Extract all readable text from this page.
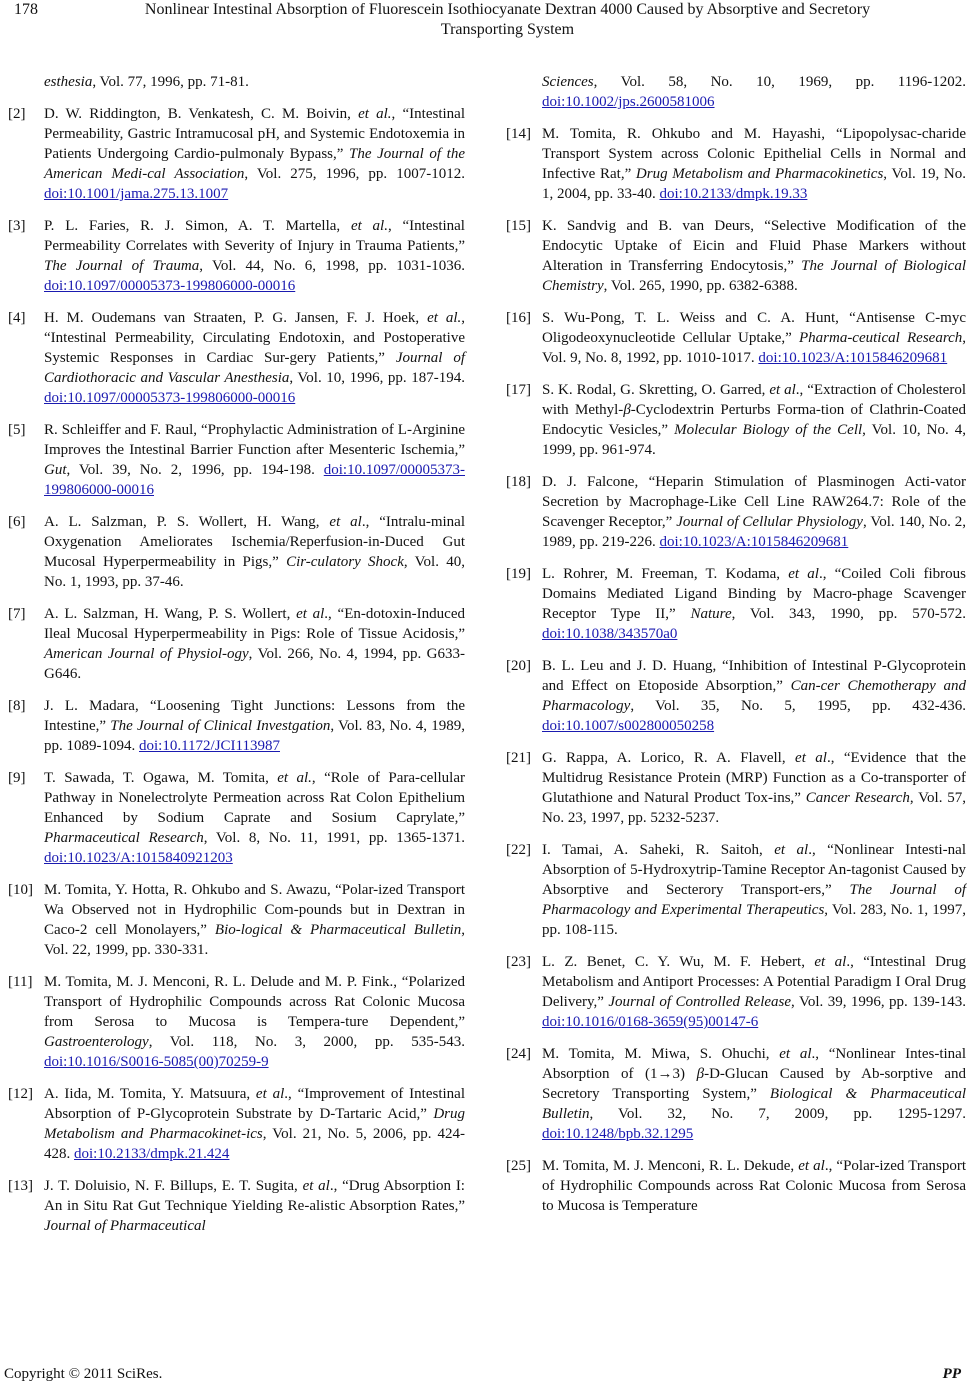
178	Nonlinear Intestinal Absorption of Fluorescein Isothiocyanate Dextran 4000 Caused by Absorptive and Secretory
Transporting System
esthesia, Vol. 77, 1996, pp. 71-81.
[2] D. W. Riddington, B. Venkatesh, C. M. Boivin, et al., “Intestinal Permeability, Gastric Intramucosal pH, and Systemic Endotoxemia in Patients Undergoing Cardio-pulmonaly Bypass,” The Journal of the American Medi-cal Association, Vol. 275, 1996, pp. 1007-1012. doi:10.1001/jama.275.13.1007
[3] P. L. Faries, R. J. Simon, A. T. Martella, et al., “Intestinal Permeability Correlates with Severity of Injury in Trauma Patients,” The Journal of Trauma, Vol. 44, No. 6, 1998, pp. 1031-1036. doi:10.1097/00005373-199806000-00016
[4] H. M. Oudemans van Straaten, P. G. Jansen, F. J. Hoek, et al., “Intestinal Permeability, Circulating Endotoxin, and Postoperative Systemic Responses in Cardiac Sur-gery Patients,” Journal of Cardiothoracic and Vascular Anesthesia, Vol. 10, 1996, pp. 187-194. doi:10.1097/00005373-199806000-00016
[5] R. Schleiffer and F. Raul, “Prophylactic Administration of L-Arginine Improves the Intestinal Barrier Function after Mesenteric Ischemia,” Gut, Vol. 39, No. 2, 1996, pp. 194-198. doi:10.1097/00005373-199806000-00016
[6] A. L. Salzman, P. S. Wollert, H. Wang, et al., “Intralu-minal Oxygenation Ameliorates Ischemia/Reperfusion-in-Duced Gut Mucosal Hyperpermeability in Pigs,” Cir-culatory Shock, Vol. 40, No. 1, 1993, pp. 37-46.
[7] A. L. Salzman, H. Wang, P. S. Wollert, et al., “En-dotoxin-Induced Ileal Mucosal Hyperpermeability in Pigs: Role of Tissue Acidosis,” American Journal of Physiol-ogy, Vol. 266, No. 4, 1994, pp. G633-G646.
[8] J. L. Madara, “Loosening Tight Junctions: Lessons from the Intestine,” The Journal of Clinical Investgation, Vol. 83, No. 4, 1989, pp. 1089-1094. doi:10.1172/JCI113987
[9] T. Sawada, T. Ogawa, M. Tomita, et al., “Role of Para-cellular Pathway in Nonelectrolyte Permeation across Rat Colon Epithelium Enhanced by Sodium Caprate and Sosium Caprylate,” Pharmaceutical Research, Vol. 8, No. 11, 1991, pp. 1365-1371. doi:10.1023/A:1015840921203
[10] M. Tomita, Y. Hotta, R. Ohkubo and S. Awazu, “Polar-ized Transport Wa Observed not in Hydrophilic Com-pounds but in Dextran in Caco-2 cell Monolayers,” Bio-logical & Pharmaceutical Bulletin, Vol. 22, 1999, pp. 330-331.
[11] M. Tomita, M. J. Menconi, R. L. Delude and M. P. Fink., “Polarized Transport of Hydrophilic Compounds across Rat Colonic Mucosa from Serosa to Mucosa is Tempera-ture Dependent,” Gastroenterology, Vol. 118, No. 3, 2000, pp. 535-543. doi:10.1016/S0016-5085(00)70259-9
[12] A. Iida, M. Tomita, Y. Matsuura, et al., “Improvement of Intestinal Absorption of P-Glycoprotein Substrate by D-Tartaric Acid,” Drug Metabolism and Pharmacokinet-ics, Vol. 21, No. 5, 2006, pp. 424-428. doi:10.2133/dmpk.21.424
[13] J. T. Doluisio, N. F. Billups, E. T. Sugita, et al., “Drug Absorption I: An in Situ Rat Gut Technique Yielding Re-alistic Absorption Rates,” Journal of Pharmaceutical
Sciences, Vol. 58, No. 10, 1969, pp. 1196-1202. doi:10.1002/jps.2600581006
[14] M. Tomita, R. Ohkubo and M. Hayashi, “Lipopolysac-charide Transport System across Colonic Epithelial Cells in Normal and Infective Rat,” Drug Metabolism and Pharmacokinetics, Vol. 19, No. 1, 2004, pp. 33-40. doi:10.2133/dmpk.19.33
[15] K. Sandvig and B. van Deurs, “Selective Modification of the Endocytic Uptake of Eicin and Fluid Phase Markers without Alteration in Transferring Endocytosis,” The Journal of Biological Chemistry, Vol. 265, 1990, pp. 6382-6388.
[16] S. Wu-Pong, T. L. Weiss and C. A. Hunt, “Antisense C-myc Oligodeoxynucleotide Cellular Uptake,” Pharma-ceutical Research, Vol. 9, No. 8, 1992, pp. 1010-1017. doi:10.1023/A:1015846209681
[17] S. K. Rodal, G. Skretting, O. Garred, et al., “Extraction of Cholesterol with Methyl-β-Cyclodextrin Perturbs Forma-tion of Clathrin-Coated Endocytic Vesicles,” Molecular Biology of the Cell, Vol. 10, No. 4, 1999, pp. 961-974.
[18] D. J. Falcone, “Heparin Stimulation of Plasminogen Acti-vator Secretion by Macrophage-Like Cell Line RAW264.7: Role of the Scavenger Receptor,” Journal of Cellular Physiology, Vol. 140, No. 2, 1989, pp. 219-226. doi:10.1023/A:1015846209681
[19] L. Rohrer, M. Freeman, T. Kodama, et al., “Coiled Coli fibrous Domains Mediated Ligand Binding by Macro-phage Scavenger Receptor Type II,” Nature, Vol. 343, 1990, pp. 570-572. doi:10.1038/343570a0
[20] B. L. Leu and J. D. Huang, “Inhibition of Intestinal P-Glycoprotein and Effect on Etoposide Absorption,” Can-cer Chemotherapy and Pharmacology, Vol. 35, No. 5, 1995, pp. 432-436. doi:10.1007/s002800050258
[21] G. Rappa, A. Lorico, R. A. Flavell, et al., “Evidence that the Multidrug Resistance Protein (MRP) Function as a Co-transporter of Glutathione and Natural Product Tox-ins,” Cancer Research, Vol. 57, No. 23, 1997, pp. 5232-5237.
[22] I. Tamai, A. Saheki, R. Saitoh, et al., “Nonlinear Intesti-nal Absorption of 5-Hydroxytrip-Tamine Receptor An-tagonist Caused by Absorptive and Secterory Transport-ers,” The Journal of Pharmacology and Experimental Therapeutics, Vol. 283, No. 1, 1997, pp. 108-115.
[23] L. Z. Benet, C. Y. Wu, M. F. Hebert, et al., “Intestinal Drug Metabolism and Antiport Processes: A Potential Paradigm I Oral Drug Delivery,” Journal of Controlled Release, Vol. 39, 1996, pp. 139-143. doi:10.1016/0168-3659(95)00147-6
[24] M. Tomita, M. Miwa, S. Ohuchi, et al., “Nonlinear Intes-tinal Absorption of (1→3) β-D-Glucan Caused by Ab-sorptive and Secretory Transporting System,” Biological & Pharmaceutical Bulletin, Vol. 32, No. 7, 2009, pp. 1295-1297. doi:10.1248/bpb.32.1295
[25] M. Tomita, M. J. Menconi, R. L. Dekude, et al., “Polar-ized Transport of Hydrophilic Compounds across Rat Colonic Mucosa from Serosa to Mucosa is Temperature
Copyright © 2011 SciRes.	PP
